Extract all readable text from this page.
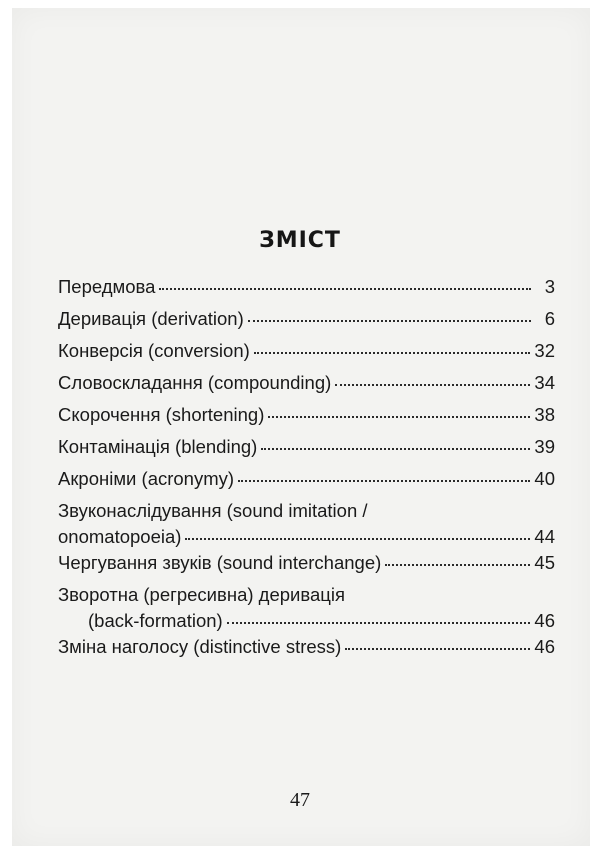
ЗМІСТ
Передмова	3
Деривація (derivation)	6
Конверсія (conversion)	32
Словоскладання (compounding)	34
Скорочення (shortening)	38
Контамінація (blending)	39
Акроніми (acronymy)	40
Звуконаслідування (sound imitation /
onomatopoeia)	44
Чергування звуків (sound interchange)	45
Зворотна (регресивна) деривація
(back-formation)	46
Зміна наголосу (distinctive stress)	46
47
